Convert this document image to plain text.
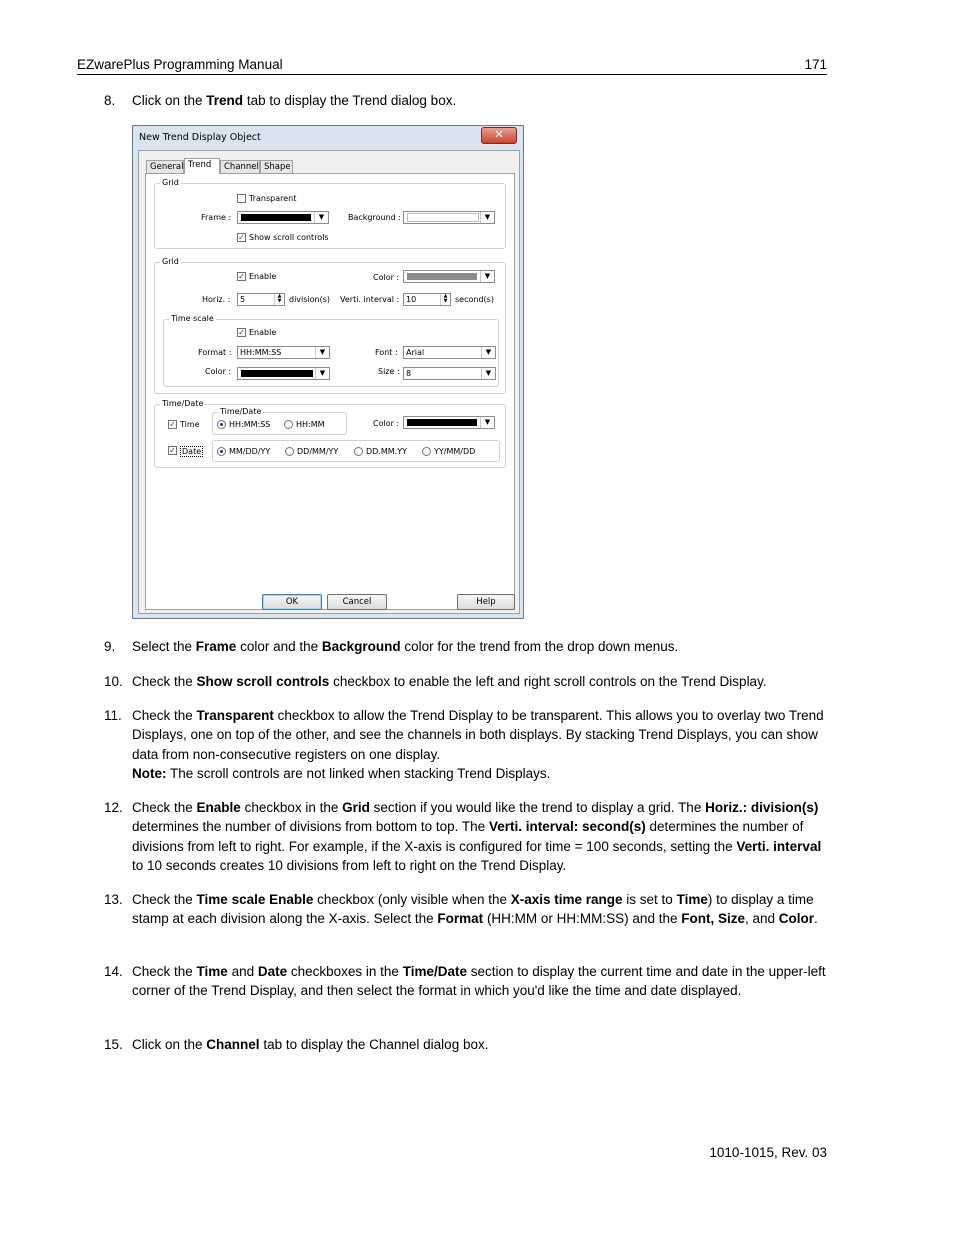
EZwarePlus Programming Manual	171
8. Click on the Trend tab to display the Trend dialog box.
New Trend Display Object	✕
General Trend	Channel Shape
Grid
Transparent
Frame :	▼	Background :	▼
✓ Show scroll controls
Grid
✓ Enable	Color :	▼
Horiz. : 5	▲
▼ division(s) Verti. interval : 10	▲
▼ second(s)
Time scale
✓ Enable
Format : HH:MM:SS	▼	Font : Arial	▼
Color :	▼	Size : 8	▼
Time/Date
✓ Time
Time/Date
HH:MM:SS	HH:MM	Color :	▼
✓ Date	MM/DD/YY	DD/MM/YY	DD.MM.YY	YY/MM/DD
OK	Cancel	Help
9. Select the Frame color and the Background color for the trend from the drop down menus.
10. Check the Show scroll controls checkbox to enable the left and right scroll controls on the Trend Display.
11. Check the Transparent checkbox to allow the Trend Display to be transparent. This allows you to overlay two Trend Displays, one on top of the other, and see the channels in both displays. By stacking Trend Displays, you can show data from non-consecutive registers on one display.
Note: The scroll controls are not linked when stacking Trend Displays.
12. Check the Enable checkbox in the Grid section if you would like the trend to display a grid. The Horiz.: division(s) determines the number of divisions from bottom to top. The Verti. interval: second(s) determines the number of divisions from left to right. For example, if the X-axis is configured for time = 100 seconds, setting the Verti. interval to 10 seconds creates 10 divisions from left to right on the Trend Display.
13. Check the Time scale Enable checkbox (only visible when the X-axis time range is set to Time) to display a time stamp at each division along the X-axis. Select the Format (HH:MM or HH:MM:SS) and the Font, Size, and Color.
14. Check the Time and Date checkboxes in the Time/Date section to display the current time and date in the upper-left corner of the Trend Display, and then select the format in which you'd like the time and date displayed.
15. Click on the Channel tab to display the Channel dialog box.
1010-1015, Rev. 03
